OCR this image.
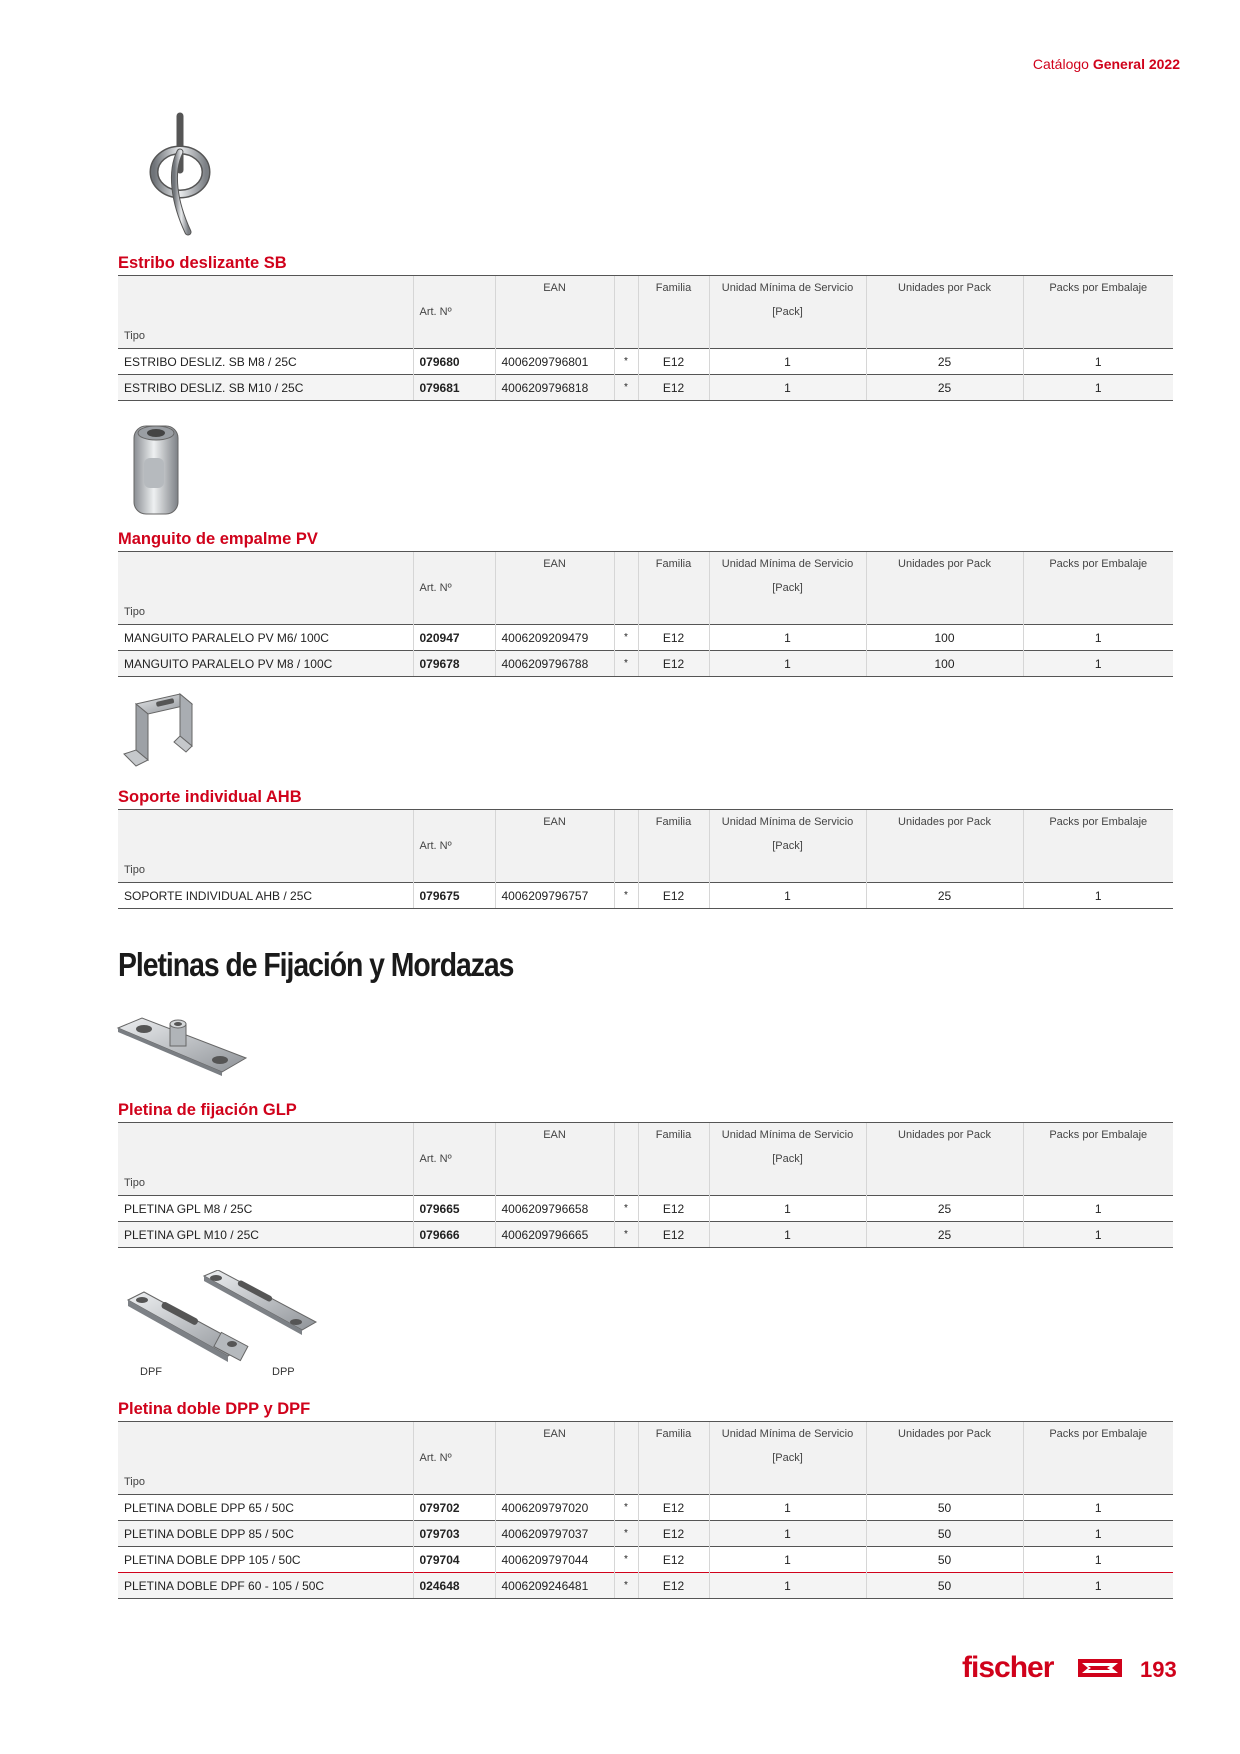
Catálogo General 2022
Estribo deslizante SB
		EAN		Familia	Unidad Mínima de Servicio	Unidades por Pack	Packs por Embalaje
	Art. Nº				[Pack]		
Tipo							
ESTRIBO DESLIZ. SB M8 / 25C	079680	4006209796801	*	E12	1	25	1
ESTRIBO DESLIZ. SB M10 / 25C	079681	4006209796818	*	E12	1	25	1
Manguito de empalme PV
		EAN		Familia	Unidad Mínima de Servicio	Unidades por Pack	Packs por Embalaje
	Art. Nº				[Pack]		
Tipo							
MANGUITO PARALELO PV M6/ 100C	020947	4006209209479	*	E12	1	100	1
MANGUITO PARALELO PV M8 / 100C	079678	4006209796788	*	E12	1	100	1
Soporte individual AHB
		EAN		Familia	Unidad Mínima de Servicio	Unidades por Pack	Packs por Embalaje
	Art. Nº				[Pack]		
Tipo							
SOPORTE INDIVIDUAL AHB / 25C	079675	4006209796757	*	E12	1	25	1
Pletinas de Fijación y Mordazas
Pletina de fijación GLP
		EAN		Familia	Unidad Mínima de Servicio	Unidades por Pack	Packs por Embalaje
	Art. Nº				[Pack]		
Tipo							
PLETINA GPL M8 / 25C	079665	4006209796658	*	E12	1	25	1
PLETINA GPL M10 / 25C	079666	4006209796665	*	E12	1	25	1
DPF	DPP
Pletina doble DPP y DPF
		EAN		Familia	Unidad Mínima de Servicio	Unidades por Pack	Packs por Embalaje
	Art. Nº				[Pack]		
Tipo							
PLETINA DOBLE DPP 65 / 50C	079702	4006209797020	*	E12	1	50	1
PLETINA DOBLE DPP 85 / 50C	079703	4006209797037	*	E12	1	50	1
PLETINA DOBLE DPP 105 / 50C	079704	4006209797044	*	E12	1	50	1
PLETINA DOBLE DPF 60 - 105 / 50C	024648	4006209246481	*	E12	1	50	1
fischer	193
